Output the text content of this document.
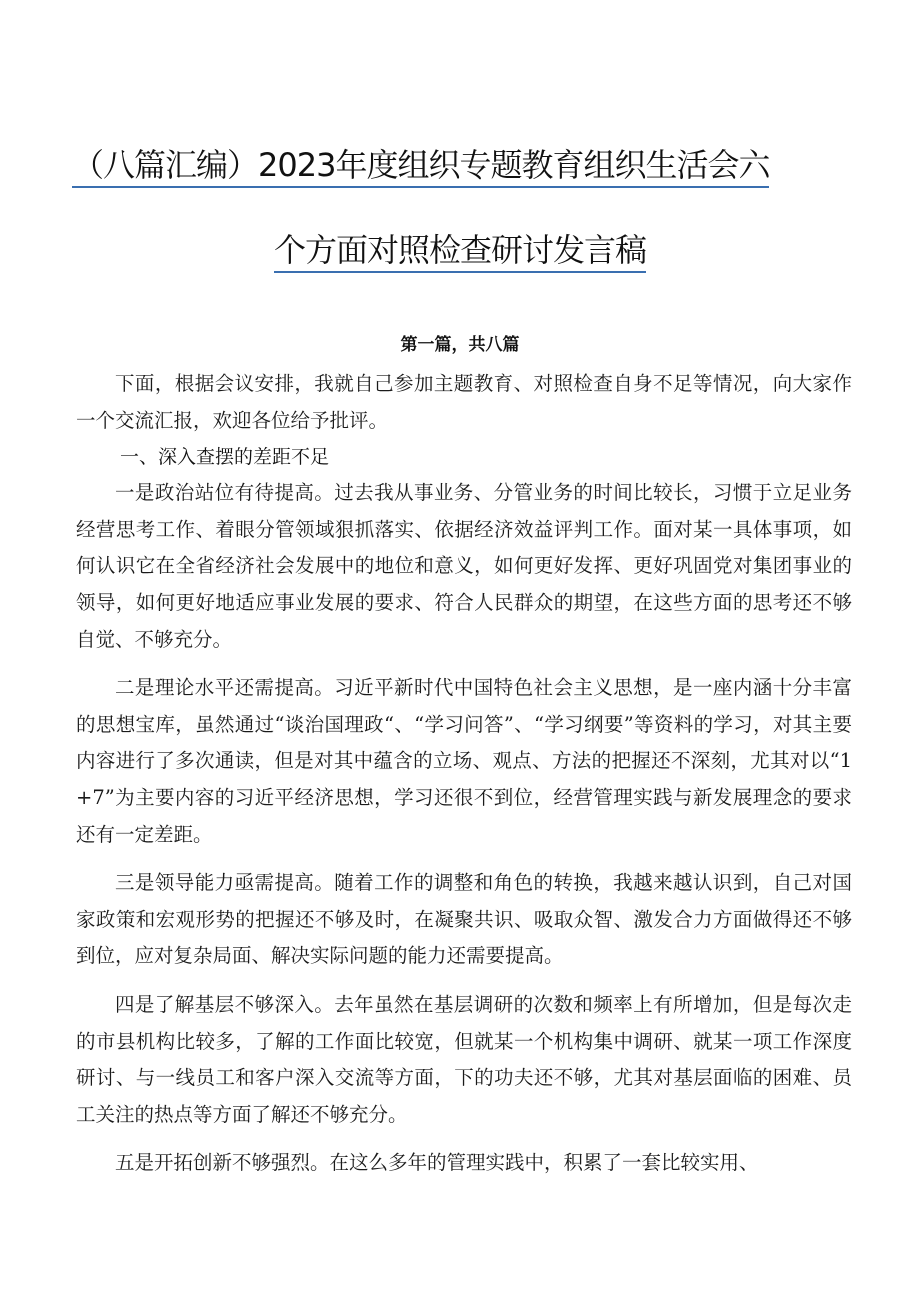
（八篇汇编）2023年度组织专题教育组织生活会六
个方面对照检查研讨发言稿
第一篇，共八篇

下面，根据会议安排，我就自己参加主题教育、对照检查自身不足等情况，向大家作一个交流汇报，欢迎各位给予批评。

一、深入查摆的差距不足

一是政治站位有待提高。过去我从事业务、分管业务的时间比较长，习惯于立足业务经营思考工作、着眼分管领域狠抓落实、依据经济效益评判工作。面对某一具体事项，如何认识它在全省经济社会发展中的地位和意义，如何更好发挥、更好巩固党对集团事业的领导，如何更好地适应事业发展的要求、符合人民群众的期望，在这些方面的思考还不够自觉、不够充分。

二是理论水平还需提高。习近平新时代中国特色社会主义思想，是一座内涵十分丰富的思想宝库，虽然通过“谈治国理政“、“学习问答”、“学习纲要”等资料的学习，对其主要内容进行了多次通读，但是对其中蕴含的立场、观点、方法的把握还不深刻，尤其对以“1+7”为主要内容的习近平经济思想，学习还很不到位，经营管理实践与新发展理念的要求还有一定差距。

三是领导能力亟需提高。随着工作的调整和角色的转换，我越来越认识到，自己对国家政策和宏观形势的把握还不够及时，在凝聚共识、吸取众智、激发合力方面做得还不够到位，应对复杂局面、解决实际问题的能力还需要提高。

四是了解基层不够深入。去年虽然在基层调研的次数和频率上有所增加，但是每次走的市县机构比较多，了解的工作面比较宽，但就某一个机构集中调研、就某一项工作深度研讨、与一线员工和客户深入交流等方面，下的功夫还不够，尤其对基层面临的困难、员工关注的热点等方面了解还不够充分。

五是开拓创新不够强烈。在这么多年的管理实践中，积累了一套比较实用、
